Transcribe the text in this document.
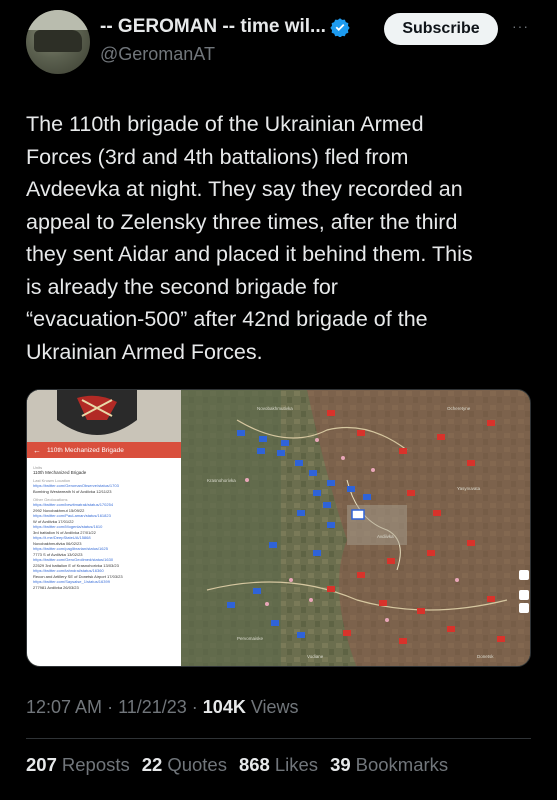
-- GEROMAN -- time wil...
@GeromanAT
Subscribe	···
The 110th brigade of the Ukrainian Armed
Forces (3rd and 4th battalions) fled from
Avdeevka at night. They say they recorded an
appeal to Zelensky three times, after the third
they sent Aidar and placed it behind them. This
is already the second brigade for
“evacuation-500” after 42nd brigade of the
Ukrainian Armed Forces.
Novobakhmutivka	Ocheretyne
Avdiivka
Krasnohorivka
Yasynuvata
Donetsk
Pervomaiske
Vodiane
← 110th Mechanized Brigade
Units
110th Mechanized Brigade
Last Known Location
https://twitter.com/GeromanObserve/status/1703
Bombing Westwreath N of Avdiivka 12/11/23
Other Geolocations
https://twitter.com/bewitmatrak/status/170254
2992 Novobakhmut 15/09/22
https://twitter.com/PauLaman/status/161823
W of Avdiivka 17/01/22
https://twitter.com/Mogenla/status/1610
3rd battalion N of Avdiivka 27/01/22
https://t.me/DeepStateUA/15868
Novobakhmutivka 06/02/23
https://twitter.com/paglibrarian/status/1625
7773 S of Avdiivka 13/02/23
https://twitter.com/GeroGeolimed/status/1630
22529 3rd battalion E of Krasnohorivka 13/03/23
https://twitter.com/tahndrai/status/16360
Recon and Artillery SE of Donetsk Airport 17/03/23
https://twitter.com/Saysalse_1/status/16399
277981 Avdiivka 26/03/23
12:07 AM · 11/21/23 · 104K Views
207 Reposts 22 Quotes 868 Likes 39 Bookmarks
